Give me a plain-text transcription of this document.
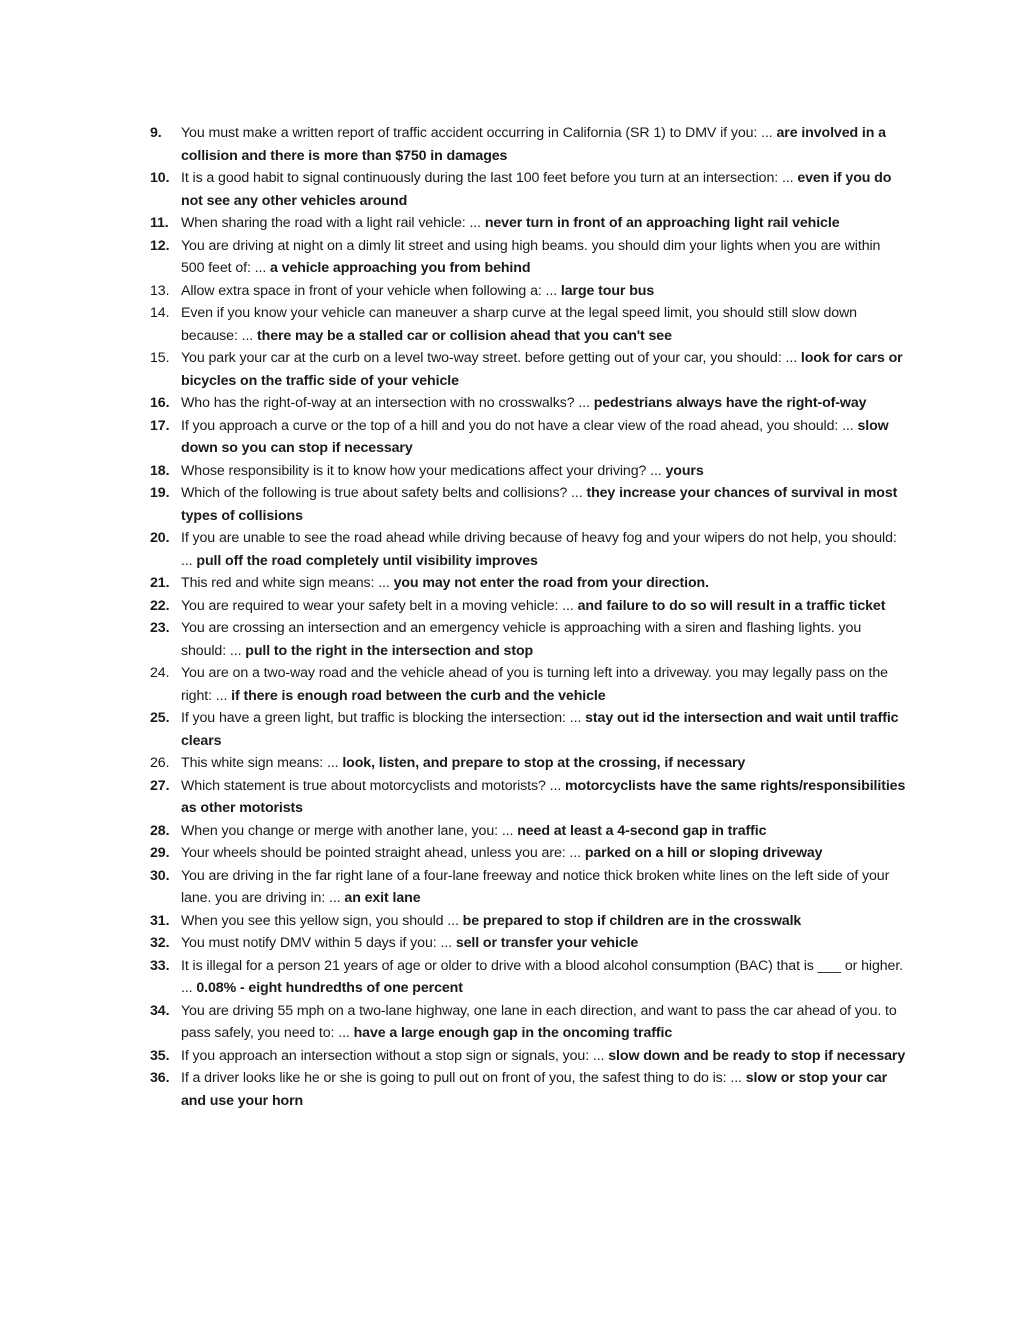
9.	You must make a written report of traffic accident occurring in California (SR 1) to DMV if you: ... are involved in a collision and there is more than $750 in damages
10. It is a good habit to signal continuously during the last 100 feet before you turn at an intersection: ... even if you do not see any other vehicles around
11. When sharing the road with a light rail vehicle: ... never turn in front of an approaching light rail vehicle
12. You are driving at night on a dimly lit street and using high beams. you should dim your lights when you are within 500 feet of: ... a vehicle approaching you from behind
13. Allow extra space in front of your vehicle when following a: ... large tour bus
14. Even if you know your vehicle can maneuver a sharp curve at the legal speed limit, you should still slow down because: ... there may be a stalled car or collision ahead that you can't see
15. You park your car at the curb on a level two-way street. before getting out of your car, you should: ... look for cars or bicycles on the traffic side of your vehicle
16. Who has the right-of-way at an intersection with no crosswalks? ... pedestrians always have the right-of-way
17. If you approach a curve or the top of a hill and you do not have a clear view of the road ahead, you should: ... slow down so you can stop if necessary
18. Whose responsibility is it to know how your medications affect your driving? ... yours
19. Which of the following is true about safety belts and collisions? ... they increase your chances of survival in most types of collisions
20. If you are unable to see the road ahead while driving because of heavy fog and your wipers do not help, you should: ... pull off the road completely until visibility improves
21. This red and white sign means: ... you may not enter the road from your direction.
22. You are required to wear your safety belt in a moving vehicle: ... and failure to do so will result in a traffic ticket
23. You are crossing an intersection and an emergency vehicle is approaching with a siren and flashing lights. you should: ... pull to the right in the intersection and stop
24. You are on a two-way road and the vehicle ahead of you is turning left into a driveway. you may legally pass on the right: ... if there is enough road between the curb and the vehicle
25. If you have a green light, but traffic is blocking the intersection: ... stay out id the intersection and wait until traffic clears
26. This white sign means: ... look, listen, and prepare to stop at the crossing, if necessary
27. Which statement is true about motorcyclists and motorists? ... motorcyclists have the same rights/responsibilities as other motorists
28. When you change or merge with another lane, you: ... need at least a 4-second gap in traffic
29. Your wheels should be pointed straight ahead, unless you are: ... parked on a hill or sloping driveway
30. You are driving in the far right lane of a four-lane freeway and notice thick broken white lines on the left side of your lane. you are driving in: ... an exit lane
31. When you see this yellow sign, you should ... be prepared to stop if children are in the crosswalk
32. You must notify DMV within 5 days if you: ... sell or transfer your vehicle
33. It is illegal for a person 21 years of age or older to drive with a blood alcohol consumption (BAC) that is ___ or higher. ... 0.08% - eight hundredths of one percent
34. You are driving 55 mph on a two-lane highway, one lane in each direction, and want to pass the car ahead of you. to pass safely, you need to: ... have a large enough gap in the oncoming traffic
35. If you approach an intersection without a stop sign or signals, you: ... slow down and be ready to stop if necessary
36. If a driver looks like he or she is going to pull out on front of you, the safest thing to do is: ... slow or stop your car and use your horn
